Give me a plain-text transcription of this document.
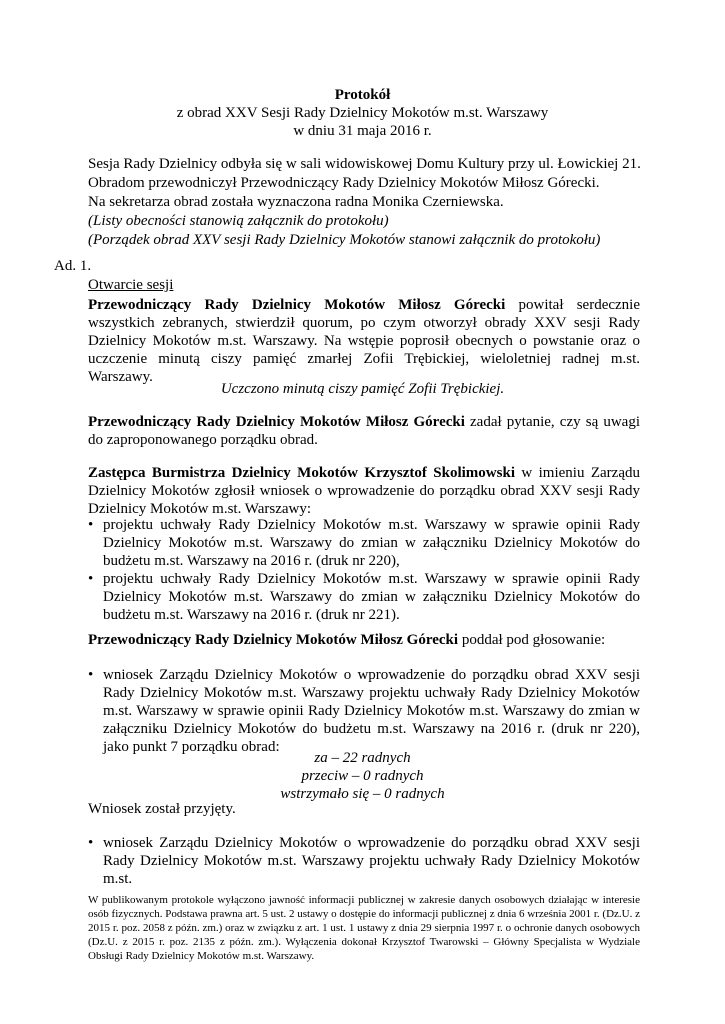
Protokół
z obrad XXV Sesji Rady Dzielnicy Mokotów m.st. Warszawy
w dniu 31 maja 2016 r.
Sesja Rady Dzielnicy odbyła się w sali widowiskowej Domu Kultury przy ul. Łowickiej 21.
Obradom przewodniczył Przewodniczący Rady Dzielnicy Mokotów Miłosz Górecki.
Na sekretarza obrad została wyznaczona radna Monika Czerniewska.
(Listy obecności stanowią załącznik do protokołu)
(Porządek obrad XXV sesji Rady Dzielnicy Mokotów stanowi załącznik do protokołu)
Ad. 1.
Otwarcie sesji
Przewodniczący Rady Dzielnicy Mokotów Miłosz Górecki powitał serdecznie wszystkich zebranych, stwierdził quorum, po czym otworzył obrady XXV sesji Rady Dzielnicy Mokotów m.st. Warszawy. Na wstępie poprosił obecnych o powstanie oraz o uczczenie minutą ciszy pamięć zmarłej Zofii Trębickiej, wieloletniej radnej m.st. Warszawy.
Uczczono minutą ciszy pamięć Zofii Trębickiej.
Przewodniczący Rady Dzielnicy Mokotów Miłosz Górecki zadał pytanie, czy są uwagi do zaproponowanego porządku obrad.
Zastępca Burmistrza Dzielnicy Mokotów Krzysztof Skolimowski w imieniu Zarządu Dzielnicy Mokotów zgłosił wniosek o wprowadzenie do porządku obrad XXV sesji Rady Dzielnicy Mokotów m.st. Warszawy:
• projektu uchwały Rady Dzielnicy Mokotów m.st. Warszawy w sprawie opinii Rady Dzielnicy Mokotów m.st. Warszawy do zmian w załączniku Dzielnicy Mokotów do budżetu m.st. Warszawy na 2016 r. (druk nr 220),
• projektu uchwały Rady Dzielnicy Mokotów m.st. Warszawy w sprawie opinii Rady Dzielnicy Mokotów m.st. Warszawy do zmian w załączniku Dzielnicy Mokotów do budżetu m.st. Warszawy na 2016 r. (druk nr 221).
Przewodniczący Rady Dzielnicy Mokotów Miłosz Górecki poddał pod głosowanie:
• wniosek Zarządu Dzielnicy Mokotów o wprowadzenie do porządku obrad XXV sesji Rady Dzielnicy Mokotów m.st. Warszawy projektu uchwały Rady Dzielnicy Mokotów m.st. Warszawy w sprawie opinii Rady Dzielnicy Mokotów m.st. Warszawy do zmian w załączniku Dzielnicy Mokotów do budżetu m.st. Warszawy na 2016 r. (druk nr 220), jako punkt 7 porządku obrad:
za – 22 radnych
przeciw – 0 radnych
wstrzymało się – 0 radnych
Wniosek został przyjęty.
• wniosek Zarządu Dzielnicy Mokotów o wprowadzenie do porządku obrad XXV sesji Rady Dzielnicy Mokotów m.st. Warszawy projektu uchwały Rady Dzielnicy Mokotów m.st.
W publikowanym protokole wyłączono jawność informacji publicznej w zakresie danych osobowych działając w interesie osób fizycznych. Podstawa prawna art. 5 ust. 2 ustawy o dostępie do informacji publicznej z dnia 6 września 2001 r. (Dz.U. z 2015 r. poz. 2058 z późn. zm.) oraz w związku z art. 1 ust. 1 ustawy z dnia 29 sierpnia 1997 r. o ochronie danych osobowych (Dz.U. z 2015 r. poz. 2135 z późn. zm.). Wyłączenia dokonał Krzysztof Twarowski – Główny Specjalista w Wydziale Obsługi Rady Dzielnicy Mokotów m.st. Warszawy.
